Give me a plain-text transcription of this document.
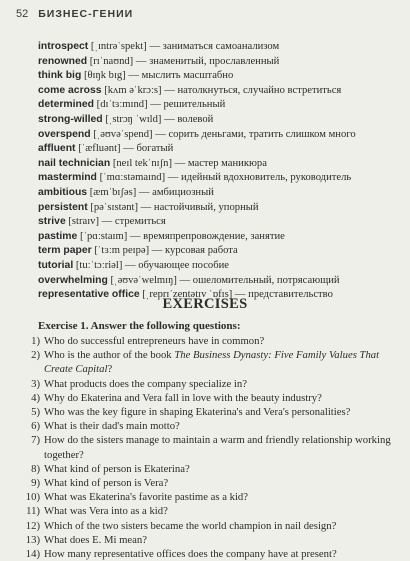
52 БИЗНЕС-ГЕНИИ
introspect [ˌɪntrəˈspekt] — заниматься самоанализом
renowned [rɪˈnaʊnd] — знаменитый, прославленный
think big [θɪŋk bɪg] — мыслить масштабно
come across [kʌm əˈkrɔːs] — натолкнуться, случайно встретиться
determined [dɪˈtɜːmɪnd] — решительный
strong-willed [ˌstrɔŋ ˈwɪld] — волевой
overspend [ˌəʊvəˈspend] — сорить деньгами, тратить слишком много
affluent [ˈæfluənt] — богатый
nail technician [neɪl tekˈnɪʃn] — мастер маникюра
mastermind [ˈmɑːstəmaɪnd] — идейный вдохновитель, руководитель
ambitious [æmˈbɪʃəs] — амбициозный
persistent [pəˈsɪstənt] — настойчивый, упорный
strive [straɪv] — стремиться
pastime [ˈpɑːstaɪm] — времяпрепровождение, занятие
term paper [ˈtɜːm peɪpə] — курсовая работа
tutorial [tuːˈtɔːriəl] — обучающее пособие
overwhelming [ˌəʊvəˈwelmɪŋ] — ошеломительный, потрясающий
representative office [ˌreprɪˈzentətɪv ˈɒfɪs] — представительство
EXERCISES
Exercise 1. Answer the following questions:
1) Who do successful entrepreneurs have in common?
2) Who is the author of the book The Business Dynasty: Five Family Values That Create Capital?
3) What products does the company specialize in?
4) Why do Ekaterina and Vera fall in love with the beauty industry?
5) Who was the key figure in shaping Ekaterina's and Vera's personalities?
6) What is their dad's main motto?
7) How do the sisters manage to maintain a warm and friendly relationship working together?
8) What kind of person is Ekaterina?
9) What kind of person is Vera?
10) What was Ekaterina's favorite pastime as a kid?
11) What was Vera into as a kid?
12) Which of the two sisters became the world champion in nail design?
13) What does E. Mi mean?
14) How many representative offices does the company have at present?
